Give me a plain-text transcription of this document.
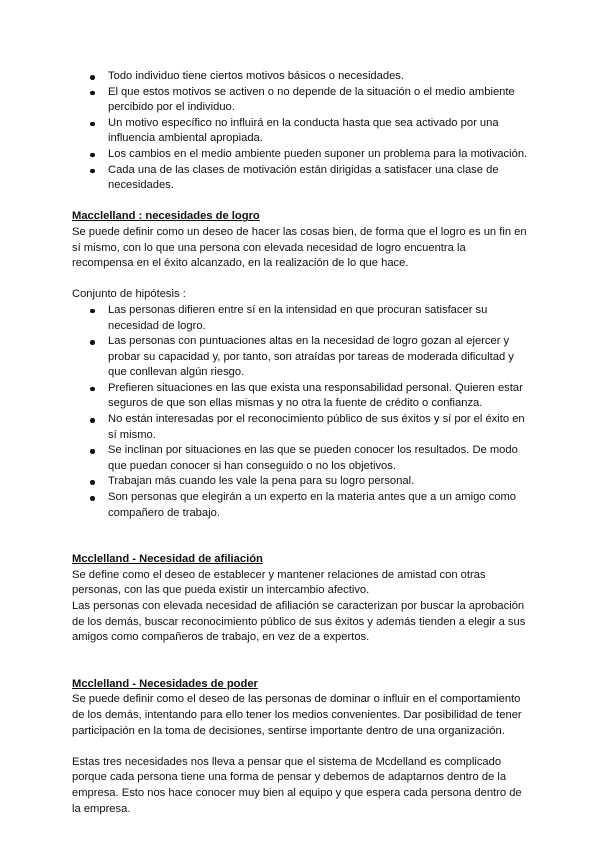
Todo individuo tiene ciertos motivos básicos o necesidades.
El que estos motivos se activen o no depende de la situación o el medio ambiente percibido por el individuo.
Un motivo específico no influirá en la conducta hasta que sea activado por una influencia ambiental apropiada.
Los cambios en el medio ambiente pueden suponer un problema para la motivación.
Cada una de las clases de motivación están dirigidas a satisfacer una clase de necesidades.

Macclelland : necesidades de logro

Se puede definir como un deseo de hacer las cosas bien, de forma que el logro es un fin en sí mismo, con lo que una persona con elevada necesidad de logro encuentra la recompensa en el éxito alcanzado, en la realización de lo que hace.

Conjunto de hipótesis :

Las personas difieren entre sí en la intensidad en que procuran satisfacer su necesidad de logro.
Las personas con puntuaciones altas en la necesidad de logro gozan al ejercer y probar su capacidad y, por tanto, son atraídas por tareas de moderada dificultad y que conllevan algún riesgo.
Prefieren situaciones en las que exista una responsabilidad personal. Quieren estar seguros de que son ellas mismas y no otra la fuente de crédito o confianza.
No están interesadas por el reconocimiento público de sus éxitos y sí por el éxito en sí mismo.
Se inclinan por situaciones en las que se pueden conocer los resultados. De modo que puedan conocer si han conseguido o no los objetivos.
Trabajan más cuando les vale la pena para su logro personal.
Son personas que elegirán a un experto en la materia antes que a un amigo como compañero de trabajo.

Mcclelland - Necesidad de afiliación

Se define como el deseo de establecer y mantener relaciones de amistad con otras personas, con las que pueda existir un intercambio afectivo.

Las personas con elevada necesidad de afiliación se caracterizan por buscar la aprobación de los demás, buscar reconocimiento público de sus éxitos y además tienden a elegir a sus amigos como compañeros de trabajo, en vez de a expertos.

Mcclelland - Necesidades de poder

Se puede definir como el deseo de las personas de dominar o influir en el comportamiento de los demás, intentando para ello tener los medios convenientes. Dar posibilidad de tener participación en la toma de decisiones, sentirse importante dentro de una organización.

Estas tres necesidades nos lleva a pensar que el sistema de Mcdelland es complicado porque cada persona tiene una forma de pensar y debemos de adaptarnos dentro de la empresa. Esto nos hace conocer muy bien al equipo y que espera cada persona dentro de la empresa.
